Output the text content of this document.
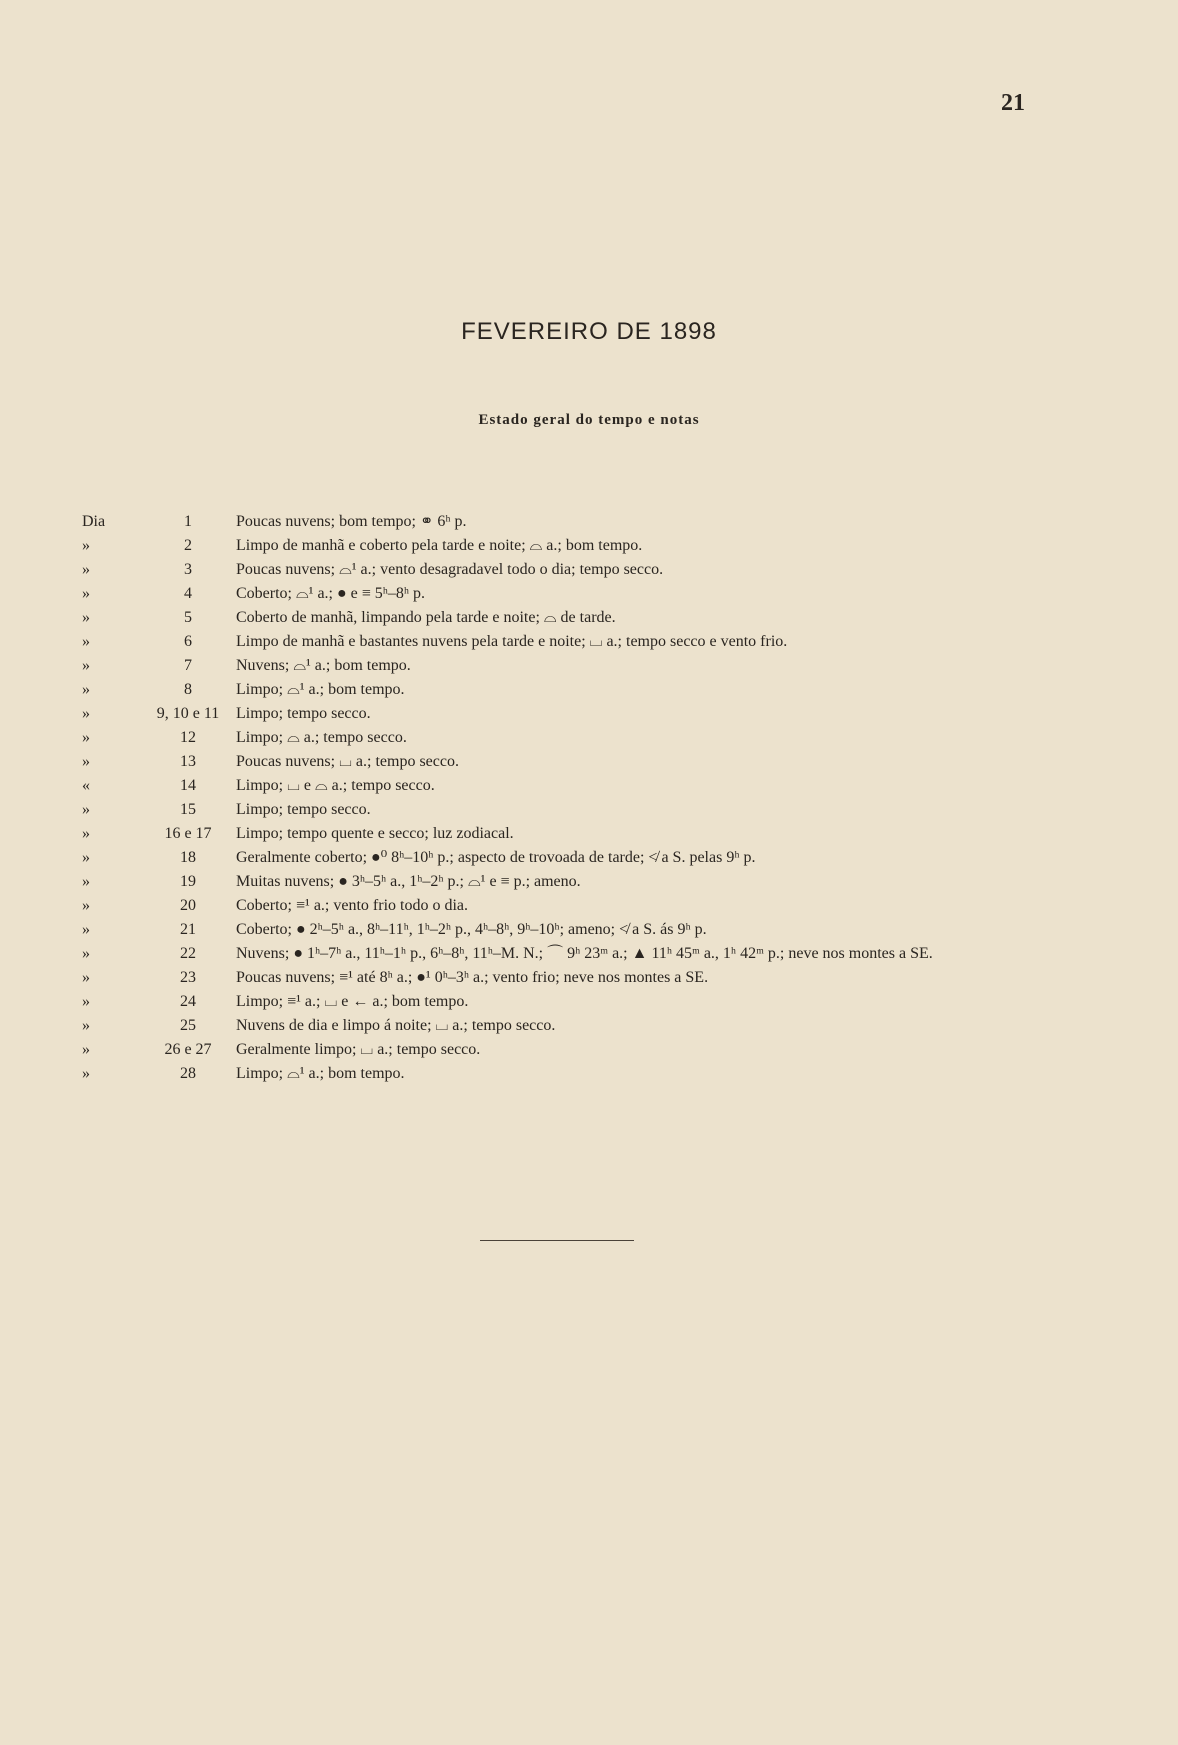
21
FEVEREIRO DE 1898
Estado geral do tempo e notas
Dia	1	Poucas nuvens; bom tempo; ⚭ 6ʰ p.
»	2	Limpo de manhã e coberto pela tarde e noite; ⌓ a.; bom tempo.
»	3	Poucas nuvens; ⌓¹ a.; vento desagradavel todo o dia; tempo secco.
»	4	Coberto; ⌓¹ a.; ● e ≡ 5ʰ–8ʰ p.
»	5	Coberto de manhã, limpando pela tarde e noite; ⌓ de tarde.
»	6	Limpo de manhã e bastantes nuvens pela tarde e noite; ⌴ a.; tempo secco e vento frio.
»	7	Nuvens; ⌓¹ a.; bom tempo.
»	8	Limpo; ⌓¹ a.; bom tempo.
»	9, 10 e 11	Limpo; tempo secco.
»	12	Limpo; ⌓ a.; tempo secco.
»	13	Poucas nuvens; ⌴ a.; tempo secco.
«	14	Limpo; ⌴ e ⌓ a.; tempo secco.
»	15	Limpo; tempo secco.
»	16 e 17	Limpo; tempo quente e secco; luz zodiacal.
»	18	Geralmente coberto; ●⁰ 8ʰ–10ʰ p.; aspecto de trovoada de tarde; ≮ a S. pelas 9ʰ p.
»	19	Muitas nuvens; ● 3ʰ–5ʰ a., 1ʰ–2ʰ p.; ⌓¹ e ≡ p.; ameno.
»	20	Coberto; ≡¹ a.; vento frio todo o dia.
»	21	Coberto; ● 2ʰ–5ʰ a., 8ʰ–11ʰ, 1ʰ–2ʰ p., 4ʰ–8ʰ, 9ʰ–10ʰ; ameno; ≮ a S. ás 9ʰ p.
»	22	Nuvens; ● 1ʰ–7ʰ a., 11ʰ–1ʰ p., 6ʰ–8ʰ, 11ʰ–M. N.; ⌒ 9ʰ 23ᵐ a.; ▲ 11ʰ 45ᵐ a., 1ʰ 42ᵐ p.; neve nos montes a SE.
»	23	Poucas nuvens; ≡¹ até 8ʰ a.; ●¹ 0ʰ–3ʰ a.; vento frio; neve nos montes a SE.
»	24	Limpo; ≡¹ a.; ⌴ e ← a.; bom tempo.
»	25	Nuvens de dia e limpo á noite; ⌴ a.; tempo secco.
»	26 e 27	Geralmente limpo; ⌴ a.; tempo secco.
»	28	Limpo; ⌓¹ a.; bom tempo.
